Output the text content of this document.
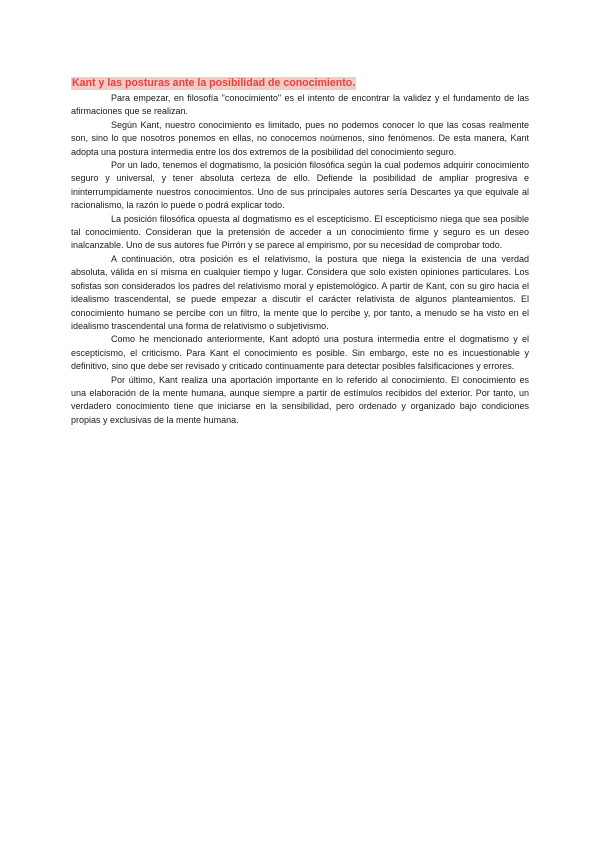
Kant y las posturas ante la posibilidad de conocimiento.

Para empezar, en filosofía "conocimiento" es el intento de encontrar la validez y el fundamento de las afirmaciones que se realizan.

Según Kant, nuestro conocimiento es limitado, pues no podemos conocer lo que las cosas realmente son, sino lo que nosotros ponemos en ellas, no conocemos noúmenos, sino fenómenos. De esta manera, Kant adopta una postura intermedia entre los dos extremos de la posibilidad del conocimiento seguro.

Por un lado, tenemos el dogmatismo, la posición filosófica según la cual podemos adquirir conocimiento seguro y universal, y tener absoluta certeza de ello. Defiende la posibilidad de ampliar progresiva e ininterrumpidamente nuestros conocimientos. Uno de sus principales autores sería Descartes ya que equivale al racionalismo, la razón lo puede o podrá explicar todo.

La posición filosófica opuesta al dogmatismo es el escepticismo. El escepticismo niega que sea posible tal conocimiento. Consideran que la pretensión de acceder a un conocimiento firme y seguro es un deseo inalcanzable. Uno de sus autores fue Pirrón y se parece al empirismo, por su necesidad de comprobar todo.

A continuación, otra posición es el relativismo, la postura que niega la existencia de una verdad absoluta, válida en sí misma en cualquier tiempo y lugar. Considera que solo existen opiniones particulares. Los sofistas son considerados los padres del relativismo moral y epistemológico. A partir de Kant, con su giro hacia el idealismo trascendental, se puede empezar a discutir el carácter relativista de algunos planteamientos. El conocimiento humano se percibe con un filtro, la mente que lo percibe y, por tanto, a menudo se ha visto en el idealismo trascendental una forma de relativismo o subjetivismo.

Como he mencionado anteriormente, Kant adoptó una postura intermedia entre el dogmatismo y el escepticismo, el criticismo. Para Kant el conocimiento es posible. Sin embargo, este no es incuestionable y definitivo, sino que debe ser revisado y criticado continuamente para detectar posibles falsificaciones y errores.

Por último, Kant realiza una aportación importante en lo referido al conocimiento. El conocimiento es una elaboración de la mente humana, aunque siempre a partir de estímulos recibidos del exterior. Por tanto, un verdadero conocimiento tiene que iniciarse en la sensibilidad, pero ordenado y organizado bajo condiciones propias y exclusivas de la mente humana.
